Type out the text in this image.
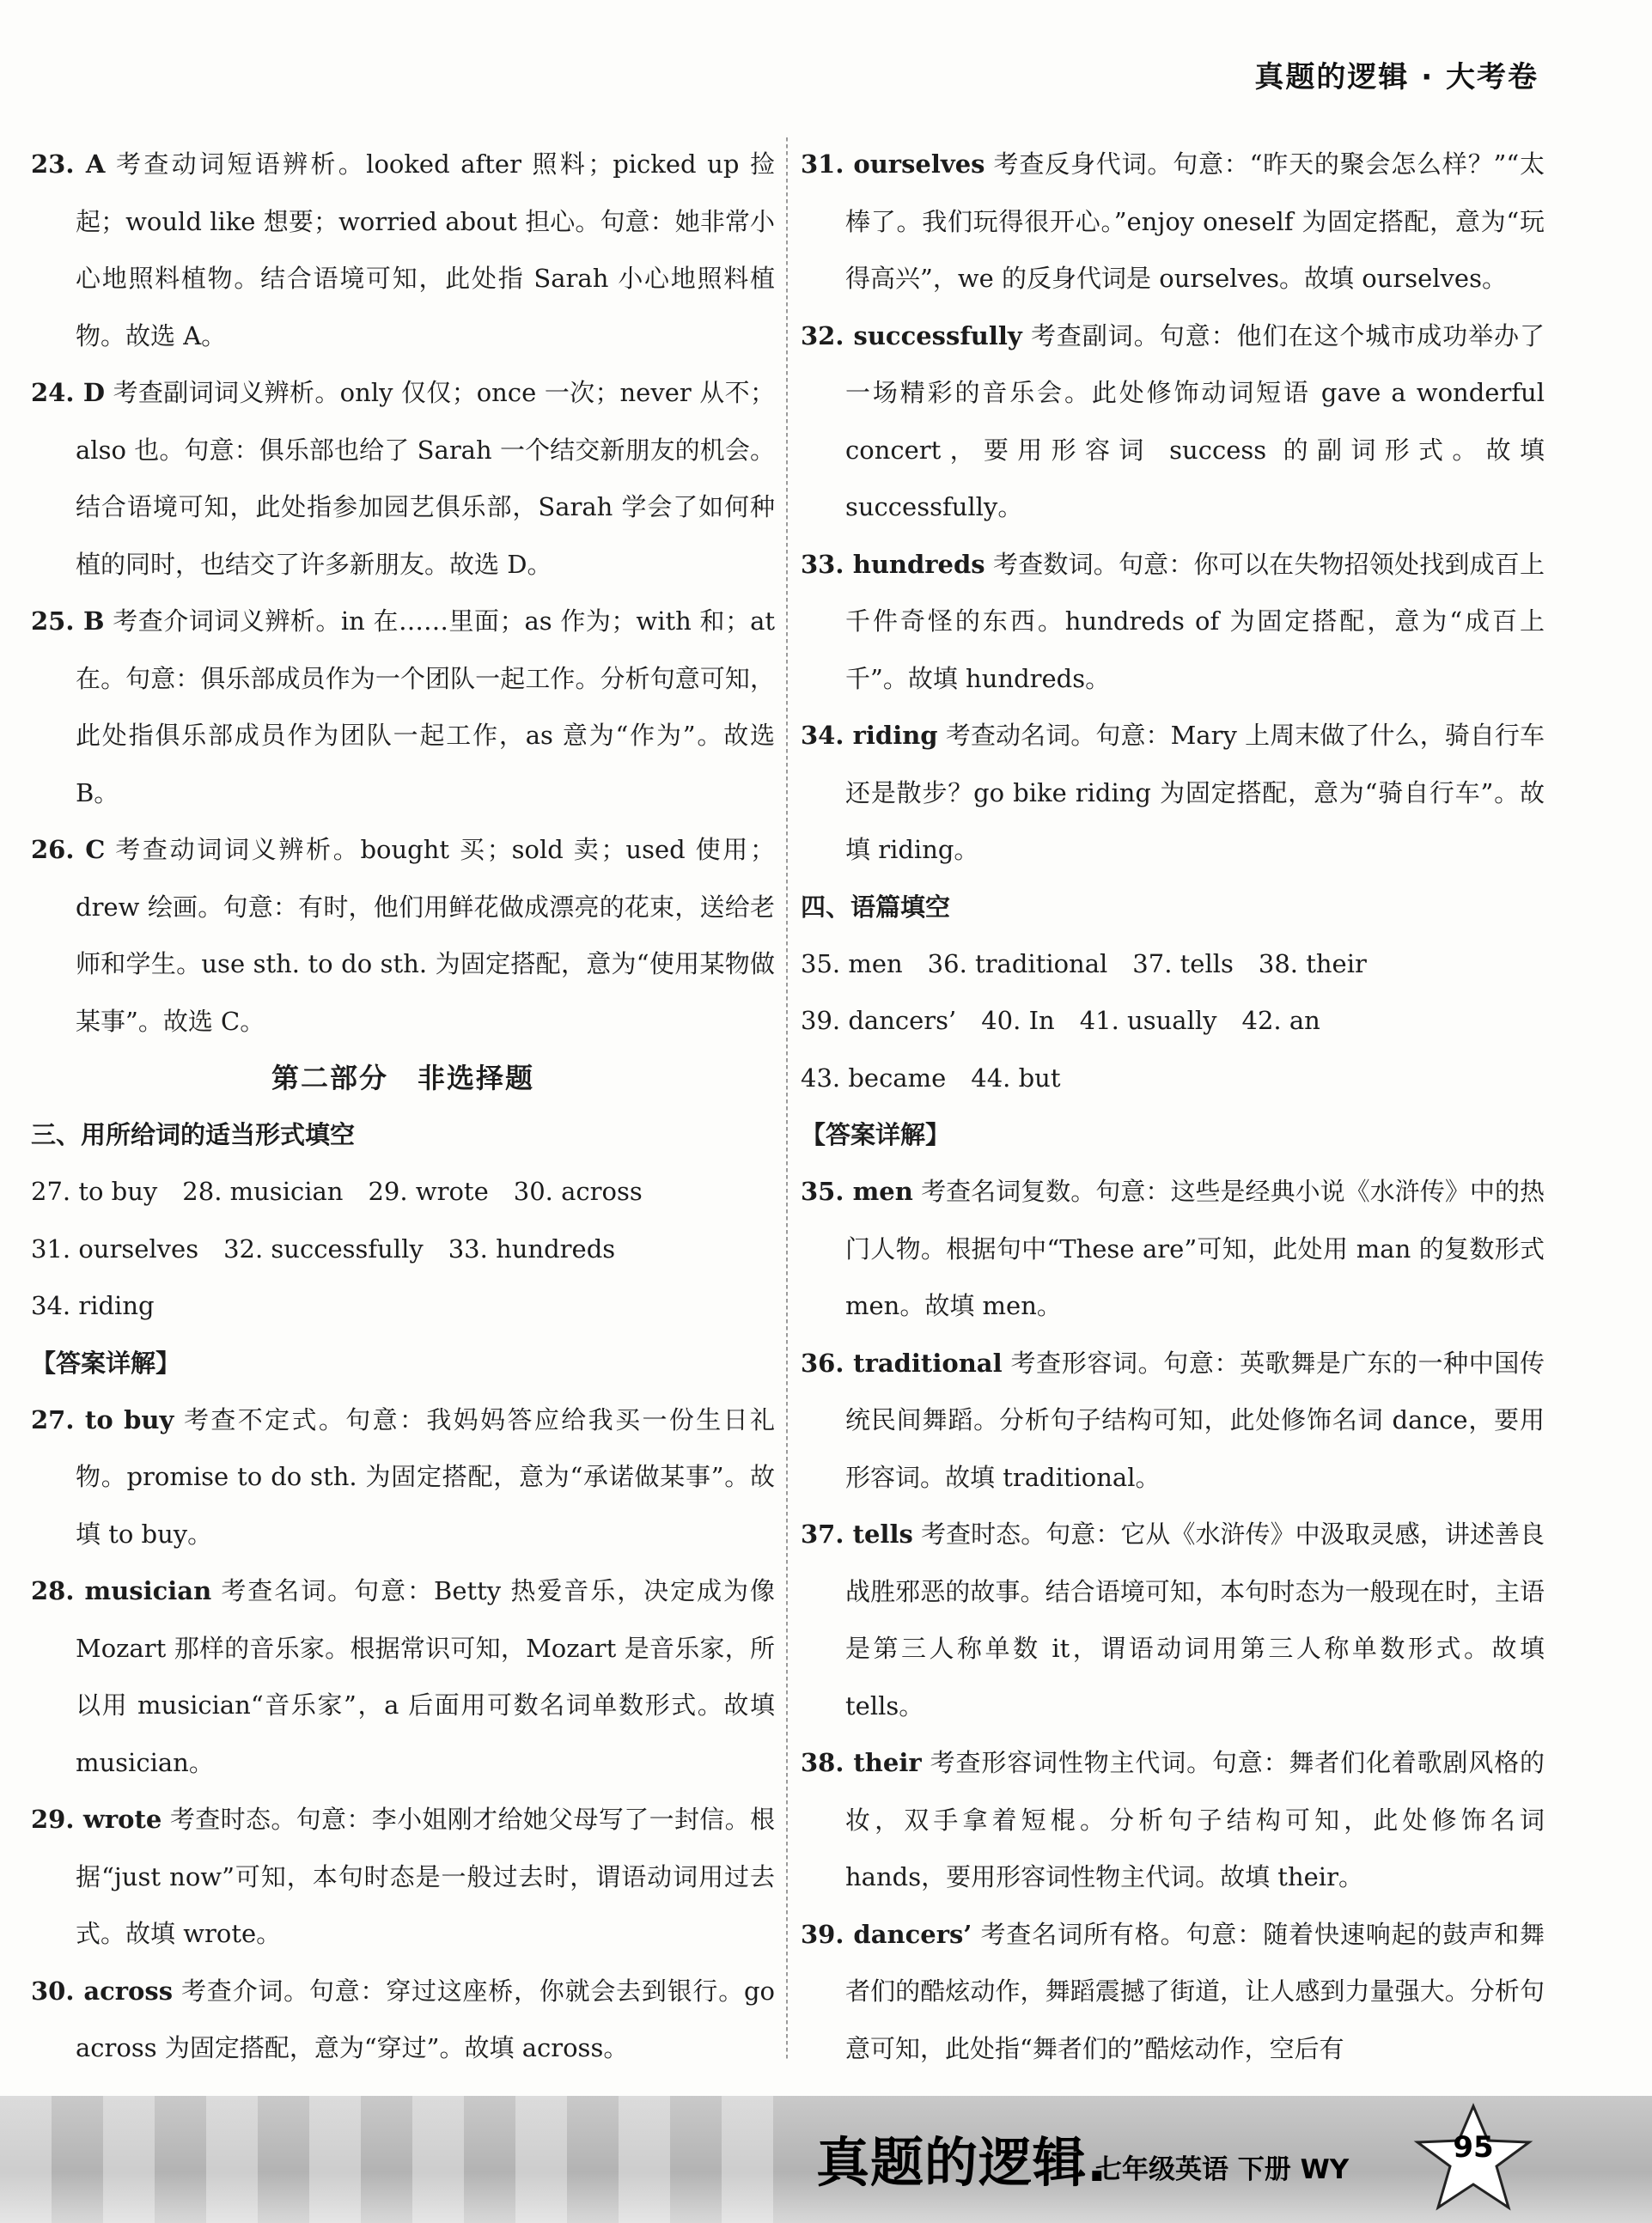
真题的逻辑 · 大考卷

23. A 考查动词短语辨析。looked after 照料；picked up 捡起；would like 想要；worried about 担心。句意：她非常小心地照料植物。结合语境可知，此处指 Sarah 小心地照料植物。故选 A。

24. D 考查副词词义辨析。only 仅仅；once 一次；never 从不；also 也。句意：俱乐部也给了 Sarah 一个结交新朋友的机会。结合语境可知，此处指参加园艺俱乐部，Sarah 学会了如何种植的同时，也结交了许多新朋友。故选 D。

25. B 考查介词词义辨析。in 在……里面；as 作为；with 和；at 在。句意：俱乐部成员作为一个团队一起工作。分析句意可知，此处指俱乐部成员作为团队一起工作，as 意为“作为”。故选 B。

26. C 考查动词词义辨析。bought 买；sold 卖；used 使用；drew 绘画。句意：有时，他们用鲜花做成漂亮的花束，送给老师和学生。use sth. to do sth. 为固定搭配，意为“使用某物做某事”。故选 C。

第二部分　非选择题

三、用所给词的适当形式填空

27. to buy　28. musician　29. wrote　30. across

31. ourselves　32. successfully　33. hundreds

34. riding

【答案详解】

27. to buy 考查不定式。句意：我妈妈答应给我买一份生日礼物。promise to do sth. 为固定搭配，意为“承诺做某事”。故填 to buy。

28. musician 考查名词。句意：Betty 热爱音乐，决定成为像 Mozart 那样的音乐家。根据常识可知，Mozart 是音乐家，所以用 musician“音乐家”，a 后面用可数名词单数形式。故填 musician。

29. wrote 考查时态。句意：李小姐刚才给她父母写了一封信。根据“just now”可知，本句时态是一般过去时，谓语动词用过去式。故填 wrote。

30. across 考查介词。句意：穿过这座桥，你就会去到银行。go across 为固定搭配，意为“穿过”。故填 across。

31. ourselves 考查反身代词。句意：“昨天的聚会怎么样？”“太棒了。我们玩得很开心。”enjoy oneself 为固定搭配，意为“玩得高兴”，we 的反身代词是 ourselves。故填 ourselves。

32. successfully 考查副词。句意：他们在这个城市成功举办了一场精彩的音乐会。此处修饰动词短语 gave a wonderful concert，要用形容词 success 的副词形式。故填 successfully。

33. hundreds 考查数词。句意：你可以在失物招领处找到成百上千件奇怪的东西。hundreds of 为固定搭配，意为“成百上千”。故填 hundreds。

34. riding 考查动名词。句意：Mary 上周末做了什么，骑自行车还是散步？go bike riding 为固定搭配，意为“骑自行车”。故填 riding。

四、语篇填空

35. men　36. traditional　37. tells　38. their

39. dancers’　40. In　41. usually　42. an

43. became　44. but

【答案详解】

35. men 考查名词复数。句意：这些是经典小说《水浒传》中的热门人物。根据句中“These are”可知，此处用 man 的复数形式 men。故填 men。

36. traditional 考查形容词。句意：英歌舞是广东的一种中国传统民间舞蹈。分析句子结构可知，此处修饰名词 dance，要用形容词。故填 traditional。

37. tells 考查时态。句意：它从《水浒传》中汲取灵感，讲述善良战胜邪恶的故事。结合语境可知，本句时态为一般现在时，主语是第三人称单数 it，谓语动词用第三人称单数形式。故填 tells。

38. their 考查形容词性物主代词。句意：舞者们化着歌剧风格的妆，双手拿着短棍。分析句子结构可知，此处修饰名词 hands，要用形容词性物主代词。故填 their。

39. dancers’ 考查名词所有格。句意：随着快速响起的鼓声和舞者们的酷炫动作，舞蹈震撼了街道，让人感到力量强大。分析句意可知，此处指“舞者们的”酷炫动作，空后有

真题的逻辑.
七年级英语 下册 WY
95
